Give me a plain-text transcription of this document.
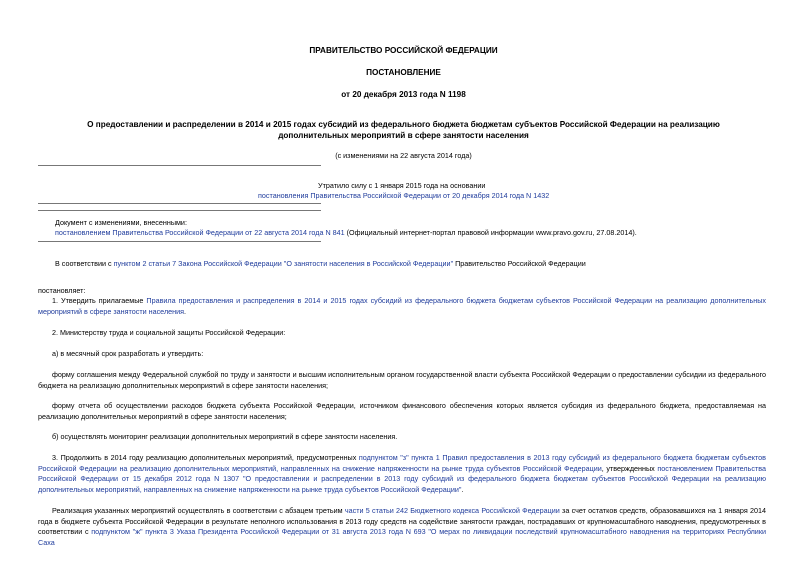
ПРАВИТЕЛЬСТВО РОССИЙСКОЙ ФЕДЕРАЦИИ
ПОСТАНОВЛЕНИЕ
от 20 декабря 2013 года N 1198
О предоставлении и распределении в 2014 и 2015 годах субсидий из федерального бюджета бюджетам субъектов Российской Федерации на реализацию
дополнительных мероприятий в сфере занятости населения
(с изменениями на 22 августа 2014 года)
Утратило силу с 1 января 2015 года на основании
постановления Правительства Российской Федерации от 20 декабря 2014 года N 1432
Документ с изменениями, внесенными:
постановлением Правительства Российской Федерации от 22 августа 2014 года N 841 (Официальный интернет-портал правовой информации www.pravo.gov.ru, 27.08.2014).
В соответствии с пунктом 2 статьи 7 Закона Российской Федерации "О занятости населения в Российской Федерации" Правительство Российской Федерации
постановляет:
1. Утвердить прилагаемые Правила предоставления и распределения в 2014 и 2015 годах субсидий из федерального бюджета бюджетам субъектов Российской Федерации на реализацию дополнительных мероприятий в сфере занятости населения.
2. Министерству труда и социальной защиты Российской Федерации:
а) в месячный срок разработать и утвердить:
форму соглашения между Федеральной службой по труду и занятости и высшим исполнительным органом государственной власти субъекта Российской Федерации о предоставлении субсидии из федерального бюджета на реализацию дополнительных мероприятий в сфере занятости населения;
форму отчета об осуществлении расходов бюджета субъекта Российской Федерации, источником финансового обеспечения которых является субсидия из федерального бюджета, предоставляемая на реализацию дополнительных мероприятий в сфере занятости населения;
б) осуществлять мониторинг реализации дополнительных мероприятий в сфере занятости населения.
3. Продолжить в 2014 году реализацию дополнительных мероприятий, предусмотренных подпунктом "з" пункта 1 Правил предоставления в 2013 году субсидий из федерального бюджета бюджетам субъектов Российской Федерации на реализацию дополнительных мероприятий, направленных на снижение напряженности на рынке труда субъектов Российской Федерации, утвержденных постановлением Правительства Российской Федерации от 15 декабря 2012 года N 1307 "О предоставлении и распределении в 2013 году субсидий из федерального бюджета бюджетам субъектов Российской Федерации на реализацию дополнительных мероприятий, направленных на снижение напряженности на рынке труда субъектов Российской Федерации".
Реализация указанных мероприятий осуществлять в соответствии с абзацем третьим части 5 статьи 242 Бюджетного кодекса Российской Федерации за счет остатков средств, образовавшихся на 1 января 2014 года в бюджете субъекта Российской Федерации в результате неполного использования в 2013 году средств на содействие занятости граждан, пострадавших от крупномасштабного наводнения, предусмотренных в соответствии с подпунктом "ж" пункта 3 Указа Президента Российской Федерации от 31 августа 2013 года N 693 "О мерах по ликвидации последствий крупномасштабного наводнения на территориях Республики Саха
